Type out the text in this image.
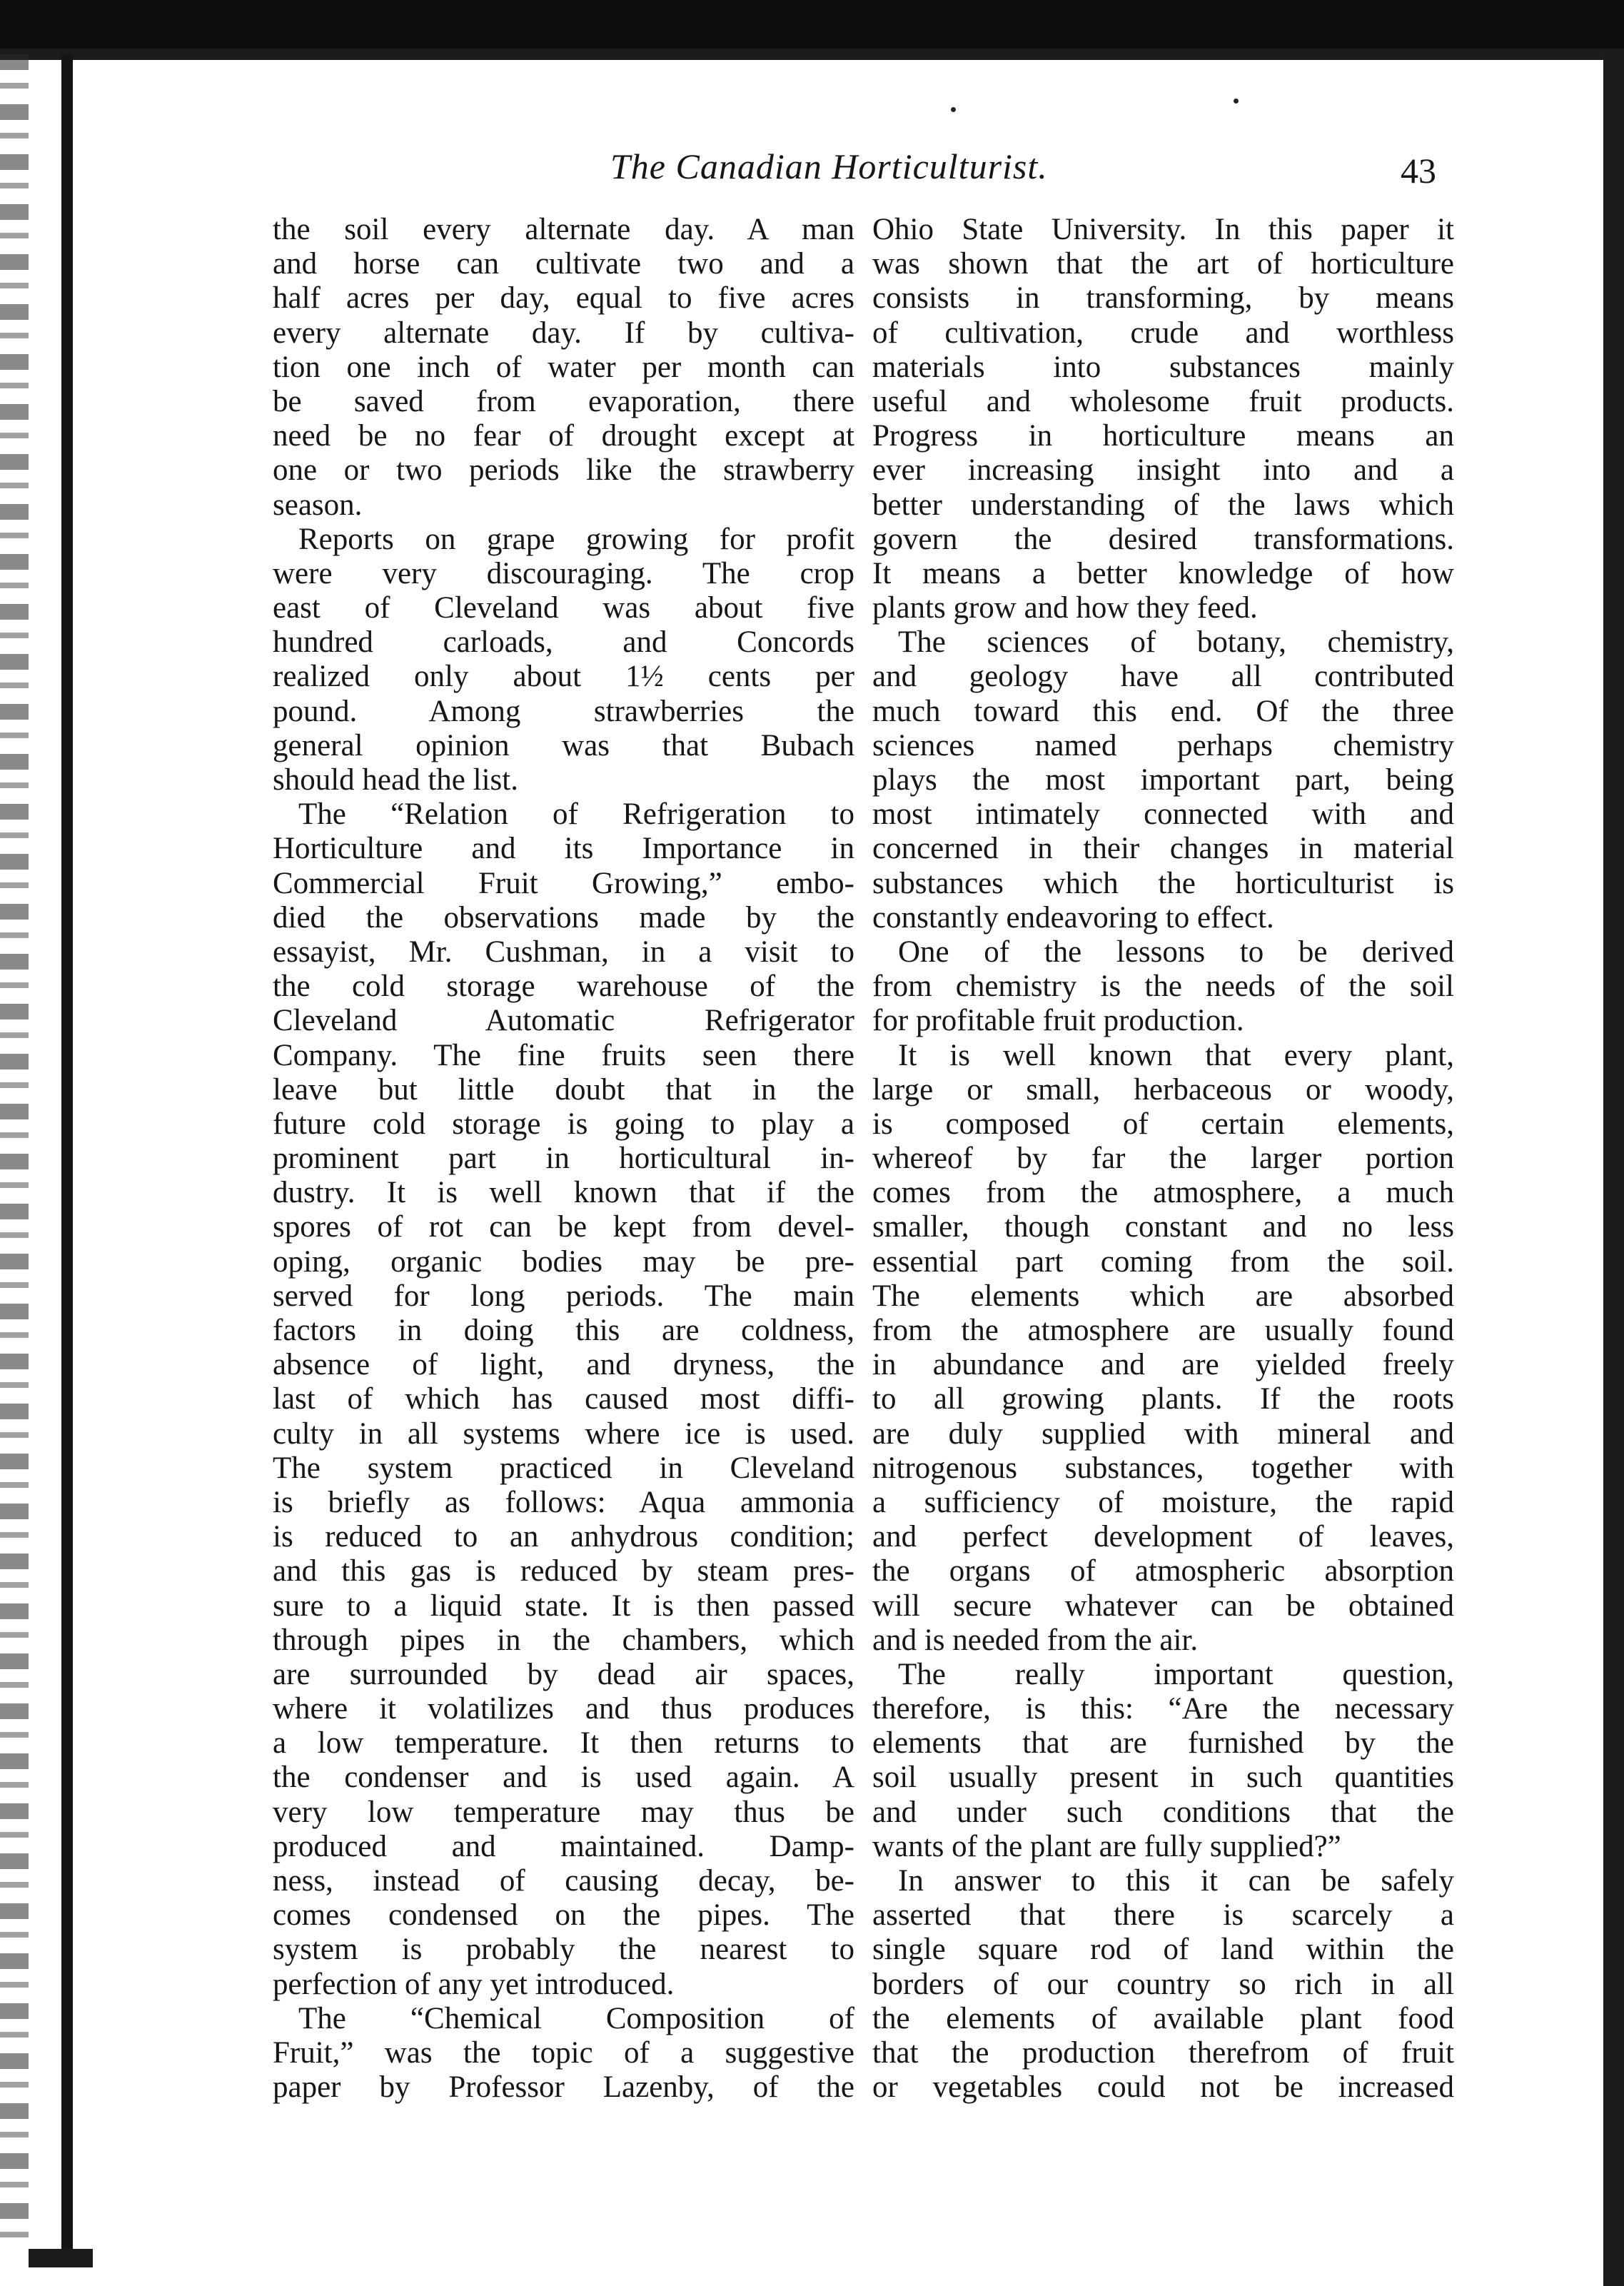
The Canadian Horticulturist.	43
the soil every alternate day. A man
and horse can cultivate two and a
half acres per day, equal to five acres
every alternate day. If by cultiva-
tion one inch of water per month can
be saved from evaporation, there
need be no fear of drought except at
one or two periods like the strawberry
season.
Reports on grape growing for profit
were very discouraging. The crop
east of Cleveland was about five
hundred carloads, and Concords
realized only about 1½ cents per
pound. Among strawberries the
general opinion was that Bubach
should head the list.
The “Relation of Refrigeration to
Horticulture and its Importance in
Commercial Fruit Growing,” embo-
died the observations made by the
essayist, Mr. Cushman, in a visit to
the cold storage warehouse of the
Cleveland Automatic Refrigerator
Company. The fine fruits seen there
leave but little doubt that in the
future cold storage is going to play a
prominent part in horticultural in-
dustry. It is well known that if the
spores of rot can be kept from devel-
oping, organic bodies may be pre-
served for long periods. The main
factors in doing this are coldness,
absence of light, and dryness, the
last of which has caused most diffi-
culty in all systems where ice is used.
The system practiced in Cleveland
is briefly as follows: Aqua ammonia
is reduced to an anhydrous condition;
and this gas is reduced by steam pres-
sure to a liquid state. It is then passed
through pipes in the chambers, which
are surrounded by dead air spaces,
where it volatilizes and thus produces
a low temperature. It then returns to
the condenser and is used again. A
very low temperature may thus be
produced and maintained. Damp-
ness, instead of causing decay, be-
comes condensed on the pipes. The
system is probably the nearest to
perfection of any yet introduced.
The “Chemical Composition of
Fruit,” was the topic of a suggestive
paper by Professor Lazenby, of the
Ohio State University. In this paper it
was shown that the art of horticulture
consists in transforming, by means
of cultivation, crude and worthless
materials into substances mainly
useful and wholesome fruit products.
Progress in horticulture means an
ever increasing insight into and a
better understanding of the laws which
govern the desired transformations.
It means a better knowledge of how
plants grow and how they feed.
The sciences of botany, chemistry,
and geology have all contributed
much toward this end. Of the three
sciences named perhaps chemistry
plays the most important part, being
most intimately connected with and
concerned in their changes in material
substances which the horticulturist is
constantly endeavoring to effect.
One of the lessons to be derived
from chemistry is the needs of the soil
for profitable fruit production.
It is well known that every plant,
large or small, herbaceous or woody,
is composed of certain elements,
whereof by far the larger portion
comes from the atmosphere, a much
smaller, though constant and no less
essential part coming from the soil.
The elements which are absorbed
from the atmosphere are usually found
in abundance and are yielded freely
to all growing plants. If the roots
are duly supplied with mineral and
nitrogenous substances, together with
a sufficiency of moisture, the rapid
and perfect development of leaves,
the organs of atmospheric absorption
will secure whatever can be obtained
and is needed from the air.
The really important question,
therefore, is this: “Are the necessary
elements that are furnished by the
soil usually present in such quantities
and under such conditions that the
wants of the plant are fully supplied?”
In answer to this it can be safely
asserted that there is scarcely a
single square rod of land within the
borders of our country so rich in all
the elements of available plant food
that the production therefrom of fruit
or vegetables could not be increased
